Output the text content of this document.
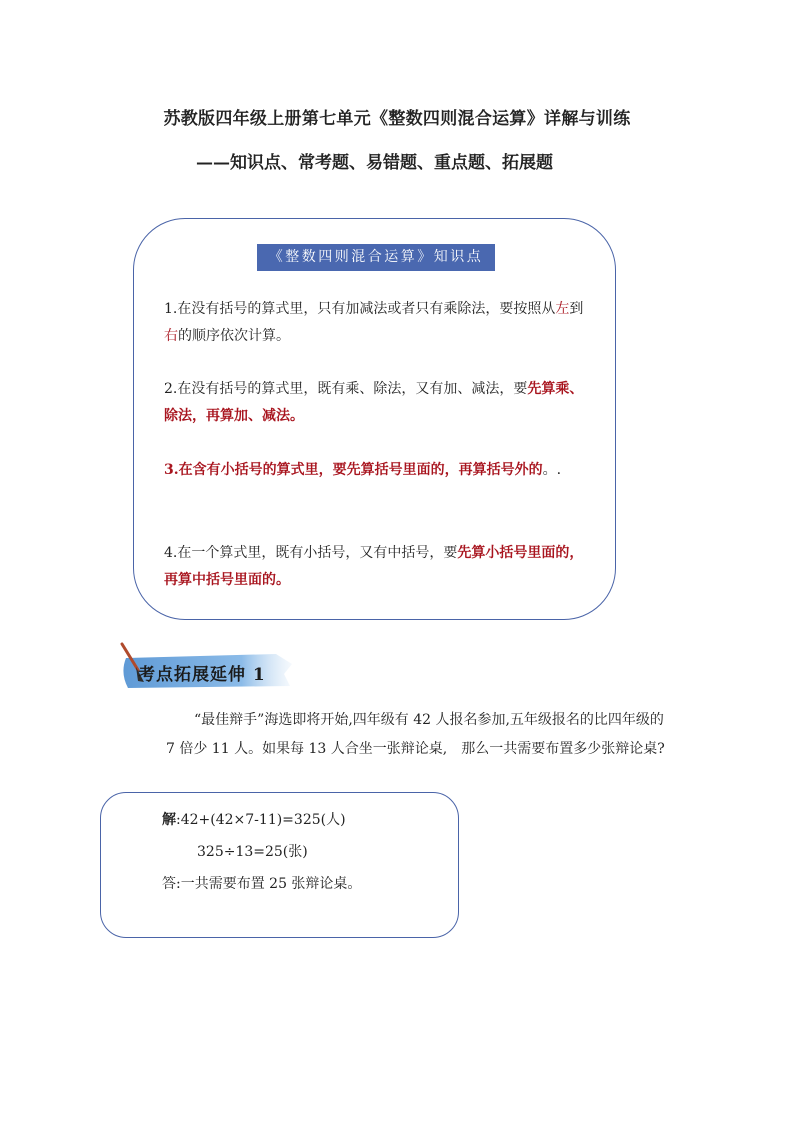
苏教版四年级上册第七单元《整数四则混合运算》详解与训练
——知识点、常考题、易错题、重点题、拓展题
《整数四则混合运算》知识点
1.在没有括号的算式里，只有加减法或者只有乘除法，要按照从左到右的顺序依次计算。
2.在没有括号的算式里，既有乘、除法，又有加、减法，要先算乘、除法，再算加、减法。
3.在含有小括号的算式里，要先算括号里面的，再算括号外的。.
4.在一个算式里，既有小括号，又有中括号，要先算小括号里面的，再算中括号里面的。
考点拓展延伸 1
“最佳辩手”海选即将开始,四年级有 42 人报名参加,五年级报名的比四年级的 7 倍少 11 人。如果每 13 人合坐一张辩论桌,　那么一共需要布置多少张辩论桌?
解:42+(42×7-11)=325(人)
325÷13=25(张)
答:一共需要布置 25 张辩论桌。
